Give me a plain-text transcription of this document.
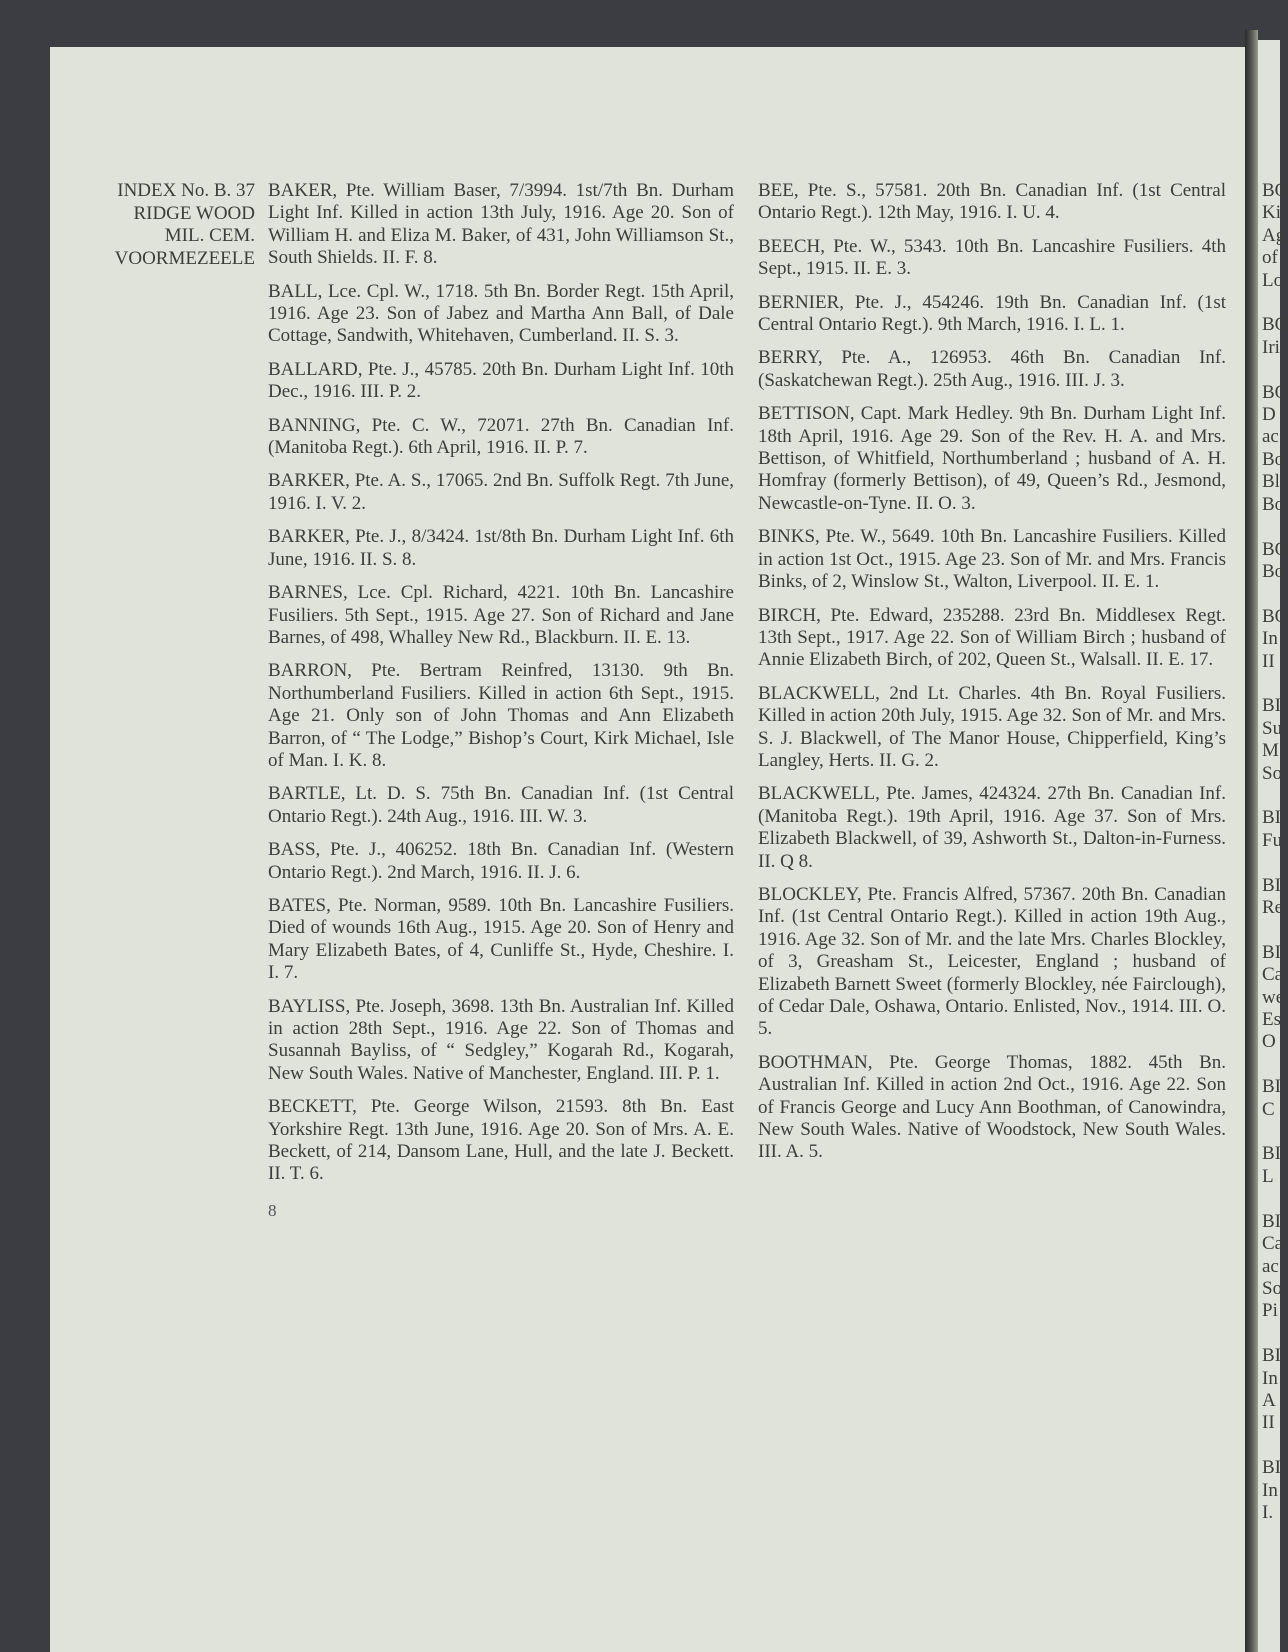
INDEX No. B. 37
RIDGE WOOD
MIL. CEM.
VOORMEZEELE

BAKER, Pte. William Baser, 7/3994. 1st/7th Bn. Durham Light Inf. Killed in action 13th July, 1916. Age 20. Son of William H. and Eliza M. Baker, of 431, John Williamson St., South Shields. II. F. 8.

BALL, Lce. Cpl. W., 1718. 5th Bn. Border Regt. 15th April, 1916. Age 23. Son of Jabez and Martha Ann Ball, of Dale Cottage, Sandwith, Whitehaven, Cumberland. II. S. 3.

BALLARD, Pte. J., 45785. 20th Bn. Durham Light Inf. 10th Dec., 1916. III. P. 2.

BANNING, Pte. C. W., 72071. 27th Bn. Canadian Inf. (Manitoba Regt.). 6th April, 1916. II. P. 7.

BARKER, Pte. A. S., 17065. 2nd Bn. Suffolk Regt. 7th June, 1916. I. V. 2.

BARKER, Pte. J., 8/3424. 1st/8th Bn. Durham Light Inf. 6th June, 1916. II. S. 8.

BARNES, Lce. Cpl. Richard, 4221. 10th Bn. Lancashire Fusiliers. 5th Sept., 1915. Age 27. Son of Richard and Jane Barnes, of 498, Whalley New Rd., Blackburn. II. E. 13.

BARRON, Pte. Bertram Reinfred, 13130. 9th Bn. Northumberland Fusiliers. Killed in action 6th Sept., 1915. Age 21. Only son of John Thomas and Ann Elizabeth Barron, of “ The Lodge,” Bishop’s Court, Kirk Michael, Isle of Man. I. K. 8.

BARTLE, Lt. D. S. 75th Bn. Canadian Inf. (1st Central Ontario Regt.). 24th Aug., 1916. III. W. 3.

BASS, Pte. J., 406252. 18th Bn. Canadian Inf. (Western Ontario Regt.). 2nd March, 1916. II. J. 6.

BATES, Pte. Norman, 9589. 10th Bn. Lancashire Fusiliers. Died of wounds 16th Aug., 1915. Age 20. Son of Henry and Mary Elizabeth Bates, of 4, Cunliffe St., Hyde, Cheshire. I. I. 7.

BAYLISS, Pte. Joseph, 3698. 13th Bn. Australian Inf. Killed in action 28th Sept., 1916. Age 22. Son of Thomas and Susannah Bayliss, of “ Sedgley,” Kogarah Rd., Kogarah, New South Wales. Native of Manchester, England. III. P. 1.

BECKETT, Pte. George Wilson, 21593. 8th Bn. East Yorkshire Regt. 13th June, 1916. Age 20. Son of Mrs. A. E. Beckett, of 214, Dansom Lane, Hull, and the late J. Beckett. II. T. 6.

8

BEE, Pte. S., 57581. 20th Bn. Canadian Inf. (1st Central Ontario Regt.). 12th May, 1916. I. U. 4.

BEECH, Pte. W., 5343. 10th Bn. Lancashire Fusiliers. 4th Sept., 1915. II. E. 3.

BERNIER, Pte. J., 454246. 19th Bn. Canadian Inf. (1st Central Ontario Regt.). 9th March, 1916. I. L. 1.

BERRY, Pte. A., 126953. 46th Bn. Canadian Inf. (Saskatchewan Regt.). 25th Aug., 1916. III. J. 3.

BETTISON, Capt. Mark Hedley. 9th Bn. Durham Light Inf. 18th April, 1916. Age 29. Son of the Rev. H. A. and Mrs. Bettison, of Whitfield, Northumberland ; husband of A. H. Homfray (formerly Bettison), of 49, Queen’s Rd., Jesmond, Newcastle-on-Tyne. II. O. 3.

BINKS, Pte. W., 5649. 10th Bn. Lancashire Fusiliers. Killed in action 1st Oct., 1915. Age 23. Son of Mr. and Mrs. Francis Binks, of 2, Winslow St., Walton, Liverpool. II. E. 1.

BIRCH, Pte. Edward, 235288. 23rd Bn. Middlesex Regt. 13th Sept., 1917. Age 22. Son of William Birch ; husband of Annie Elizabeth Birch, of 202, Queen St., Walsall. II. E. 17.

BLACKWELL, 2nd Lt. Charles. 4th Bn. Royal Fusiliers. Killed in action 20th July, 1915. Age 32. Son of Mr. and Mrs. S. J. Blackwell, of The Manor House, Chipperfield, King’s Langley, Herts. II. G. 2.

BLACKWELL, Pte. James, 424324. 27th Bn. Canadian Inf. (Manitoba Regt.). 19th April, 1916. Age 37. Son of Mrs. Elizabeth Blackwell, of 39, Ashworth St., Dalton-in-Furness. II. Q 8.

BLOCKLEY, Pte. Francis Alfred, 57367. 20th Bn. Canadian Inf. (1st Central Ontario Regt.). Killed in action 19th Aug., 1916. Age 32. Son of Mr. and the late Mrs. Charles Blockley, of 3, Greasham St., Leicester, England ; husband of Elizabeth Barnett Sweet (formerly Blockley, née Fairclough), of Cedar Dale, Oshawa, Ontario. Enlisted, Nov., 1914. III. O. 5.

BOOTHMAN, Pte. George Thomas, 1882. 45th Bn. Australian Inf. Killed in action 2nd Oct., 1916. Age 22. Son of Francis George and Lucy Ann Boothman, of Canowindra, New South Wales. Native of Woodstock, New South Wales. III. A. 5.

BO
Ki
Ag
of
Lo

BO
Iri

BO
D
ac
Bo
Bl
Bo

BO
Bo

BO
In
II

BI
Su
M
So

BI
Fu

BI
Re

BI
Ca
we
Es
O

BI
C

BI
L

BI
Ca
ac
So
Pi

BI
In
A
II

BI
In
I.
